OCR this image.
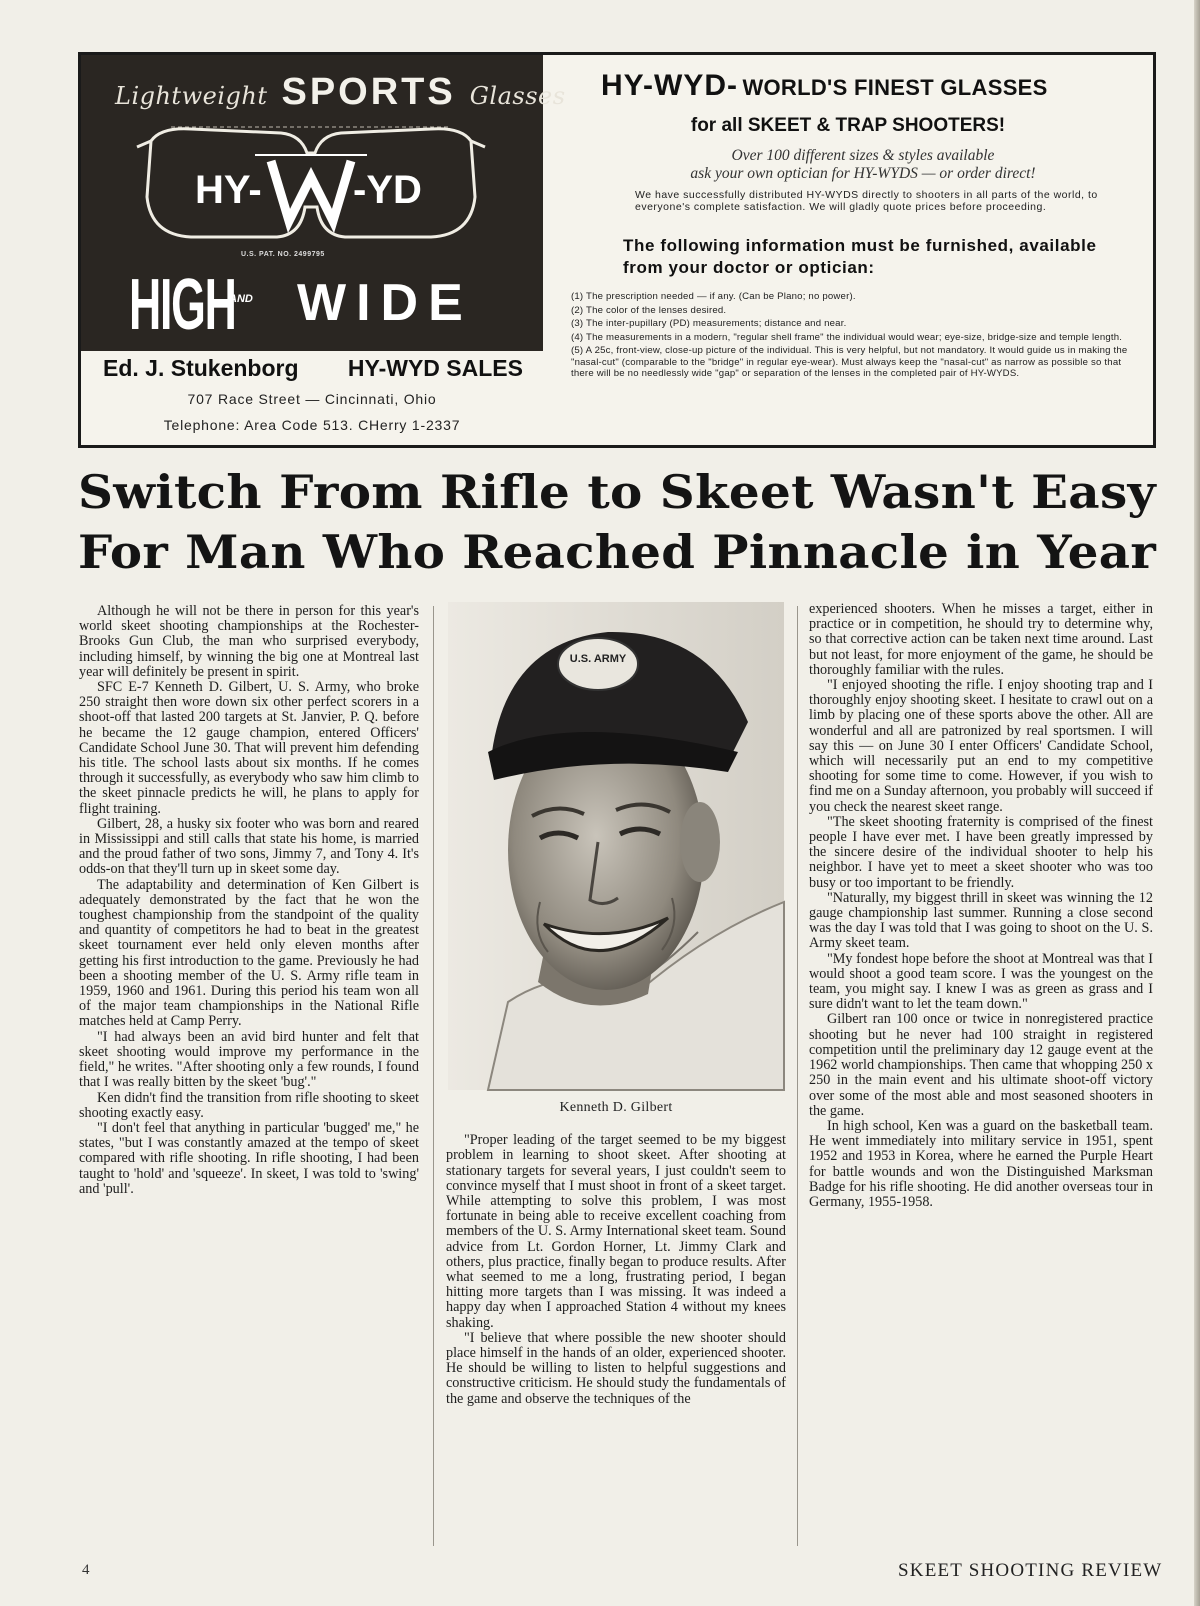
Lightweight SPORTS Glasses
HY- -YD
U.S. PAT. NO. 2499795
HIGH
AND WIDE
Ed. J. Stukenborg HY-WYD SALES
707 Race Street — Cincinnati, Ohio
Telephone: Area Code 513. CHerry 1-2337
HY-WYD- WORLD'S FINEST GLASSES
for all SKEET & TRAP SHOOTERS!
Over 100 different sizes & styles available
ask your own optician for HY-WYDS — or order direct!
We have successfully distributed HY-WYDS directly to shooters in all parts of the world, to everyone's complete satisfaction. We will gladly quote prices before proceeding.
The following information must be furnished, available from your doctor or optician:
(1) The prescription needed — if any. (Can be Plano; no power).
(2) The color of the lenses desired.
(3) The inter-pupillary (PD) measurements; distance and near.
(4) The measurements in a modern, "regular shell frame" the individual would wear; eye-size, bridge-size and temple length.
(5) A 25c, front-view, close-up picture of the individual. This is very helpful, but not mandatory. It would guide us in making the "nasal-cut" (comparable to the "bridge" in regular eye-wear). Must always keep the "nasal-cut" as narrow as possible so that there will be no needlessly wide "gap" or separation of the lenses in the completed pair of HY-WYDS.
Switch From Rifle to Skeet Wasn't Easy
For Man Who Reached Pinnacle in Year

Although he will not be there in person for this year's world skeet shooting championships at the Rochester-Brooks Gun Club, the man who surprised everybody, including himself, by winning the big one at Montreal last year will definitely be present in spirit.

SFC E-7 Kenneth D. Gilbert, U. S. Army, who broke 250 straight then wore down six other perfect scorers in a shoot-off that lasted 200 targets at St. Janvier, P. Q. before he became the 12 gauge champion, entered Officers' Candidate School June 30. That will prevent him defending his title. The school lasts about six months. If he comes through it successfully, as everybody who saw him climb to the skeet pinnacle predicts he will, he plans to apply for flight training.

Gilbert, 28, a husky six footer who was born and reared in Mississippi and still calls that state his home, is married and the proud father of two sons, Jimmy 7, and Tony 4. It's odds-on that they'll turn up in skeet some day.

The adaptability and determination of Ken Gilbert is adequately demonstrated by the fact that he won the toughest championship from the standpoint of the quality and quantity of competitors he had to beat in the greatest skeet tournament ever held only eleven months after getting his first introduction to the game. Previously he had been a shooting member of the U. S. Army rifle team in 1959, 1960 and 1961. During this period his team won all of the major team championships in the National Rifle matches held at Camp Perry.

"I had always been an avid bird hunter and felt that skeet shooting would improve my performance in the field," he writes. "After shooting only a few rounds, I found that I was really bitten by the skeet 'bug'."

Ken didn't find the transition from rifle shooting to skeet shooting exactly easy.

"I don't feel that anything in particular 'bugged' me," he states, "but I was constantly amazed at the tempo of skeet compared with rifle shooting. In rifle shooting, I had been taught to 'hold' and 'squeeze'. In skeet, I was told to 'swing' and 'pull'.

U.S. ARMY
Kenneth D. Gilbert

"Proper leading of the target seemed to be my biggest problem in learning to shoot skeet. After shooting at stationary targets for several years, I just couldn't seem to convince myself that I must shoot in front of a skeet target. While attempting to solve this problem, I was most fortunate in being able to receive excellent coaching from members of the U. S. Army International skeet team. Sound advice from Lt. Gordon Horner, Lt. Jimmy Clark and others, plus practice, finally began to produce results. After what seemed to me a long, frustrating period, I began hitting more targets than I was missing. It was indeed a happy day when I approached Station 4 without my knees shaking.

"I believe that where possible the new shooter should place himself in the hands of an older, experienced shooter. He should be willing to listen to helpful suggestions and constructive criticism. He should study the fundamentals of the game and observe the techniques of the

experienced shooters. When he misses a target, either in practice or in competition, he should try to determine why, so that corrective action can be taken next time around. Last but not least, for more enjoyment of the game, he should be thoroughly familiar with the rules.

"I enjoyed shooting the rifle. I enjoy shooting trap and I thoroughly enjoy shooting skeet. I hesitate to crawl out on a limb by placing one of these sports above the other. All are wonderful and all are patronized by real sportsmen. I will say this — on June 30 I enter Officers' Candidate School, which will necessarily put an end to my competitive shooting for some time to come. However, if you wish to find me on a Sunday afternoon, you probably will succeed if you check the nearest skeet range.

"The skeet shooting fraternity is comprised of the finest people I have ever met. I have been greatly impressed by the sincere desire of the individual shooter to help his neighbor. I have yet to meet a skeet shooter who was too busy or too important to be friendly.

"Naturally, my biggest thrill in skeet was winning the 12 gauge championship last summer. Running a close second was the day I was told that I was going to shoot on the U. S. Army skeet team.

"My fondest hope before the shoot at Montreal was that I would shoot a good team score. I was the youngest on the team, you might say. I knew I was as green as grass and I sure didn't want to let the team down."

Gilbert ran 100 once or twice in nonregistered practice shooting but he never had 100 straight in registered competition until the preliminary day 12 gauge event at the 1962 world championships. Then came that whopping 250 x 250 in the main event and his ultimate shoot-off victory over some of the most able and most seasoned shooters in the game.

In high school, Ken was a guard on the basketball team. He went immediately into military service in 1951, spent 1952 and 1953 in Korea, where he earned the Purple Heart for battle wounds and won the Distinguished Marksman Badge for his rifle shooting. He did another overseas tour in Germany, 1955-1958.

4	SKEET SHOOTING REVIEW
